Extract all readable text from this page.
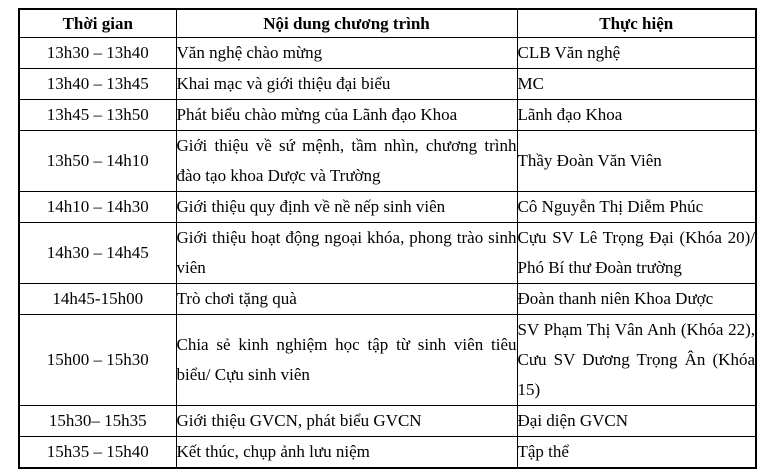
Thời gian	Nội dung chương trình	Thực hiện
13h30 – 13h40	Văn nghệ chào mừng	CLB Văn nghệ
13h40 – 13h45	Khai mạc và giới thiệu đại biểu	MC
13h45 – 13h50	Phát biểu chào mừng của Lãnh đạo Khoa	Lãnh đạo Khoa
13h50 – 14h10	Giới thiệu về sứ mệnh, tầm nhìn, chương trình đào tạo khoa Dược và Trường	Thầy Đoàn Văn Viên
14h10 – 14h30	Giới thiệu quy định về nề nếp sinh viên	Cô Nguyễn Thị Diễm Phúc
14h30 – 14h45	Giới thiệu hoạt động ngoại khóa, phong trào sinh viên	Cựu SV Lê Trọng Đại (Khóa 20)/ Phó Bí thư Đoàn trường
14h45-15h00	Trò chơi tặng quà	Đoàn thanh niên Khoa Dược
15h00 – 15h30	Chia sẻ kinh nghiệm học tập từ sinh viên tiêu biểu/ Cựu sinh viên	SV Phạm Thị Vân Anh (Khóa 22), Cưu SV Dương Trọng Ân (Khóa 15)
15h30– 15h35	Giới thiệu GVCN, phát biểu GVCN	Đại diện GVCN
15h35 – 15h40	Kết thúc, chụp ảnh lưu niệm	Tập thể
